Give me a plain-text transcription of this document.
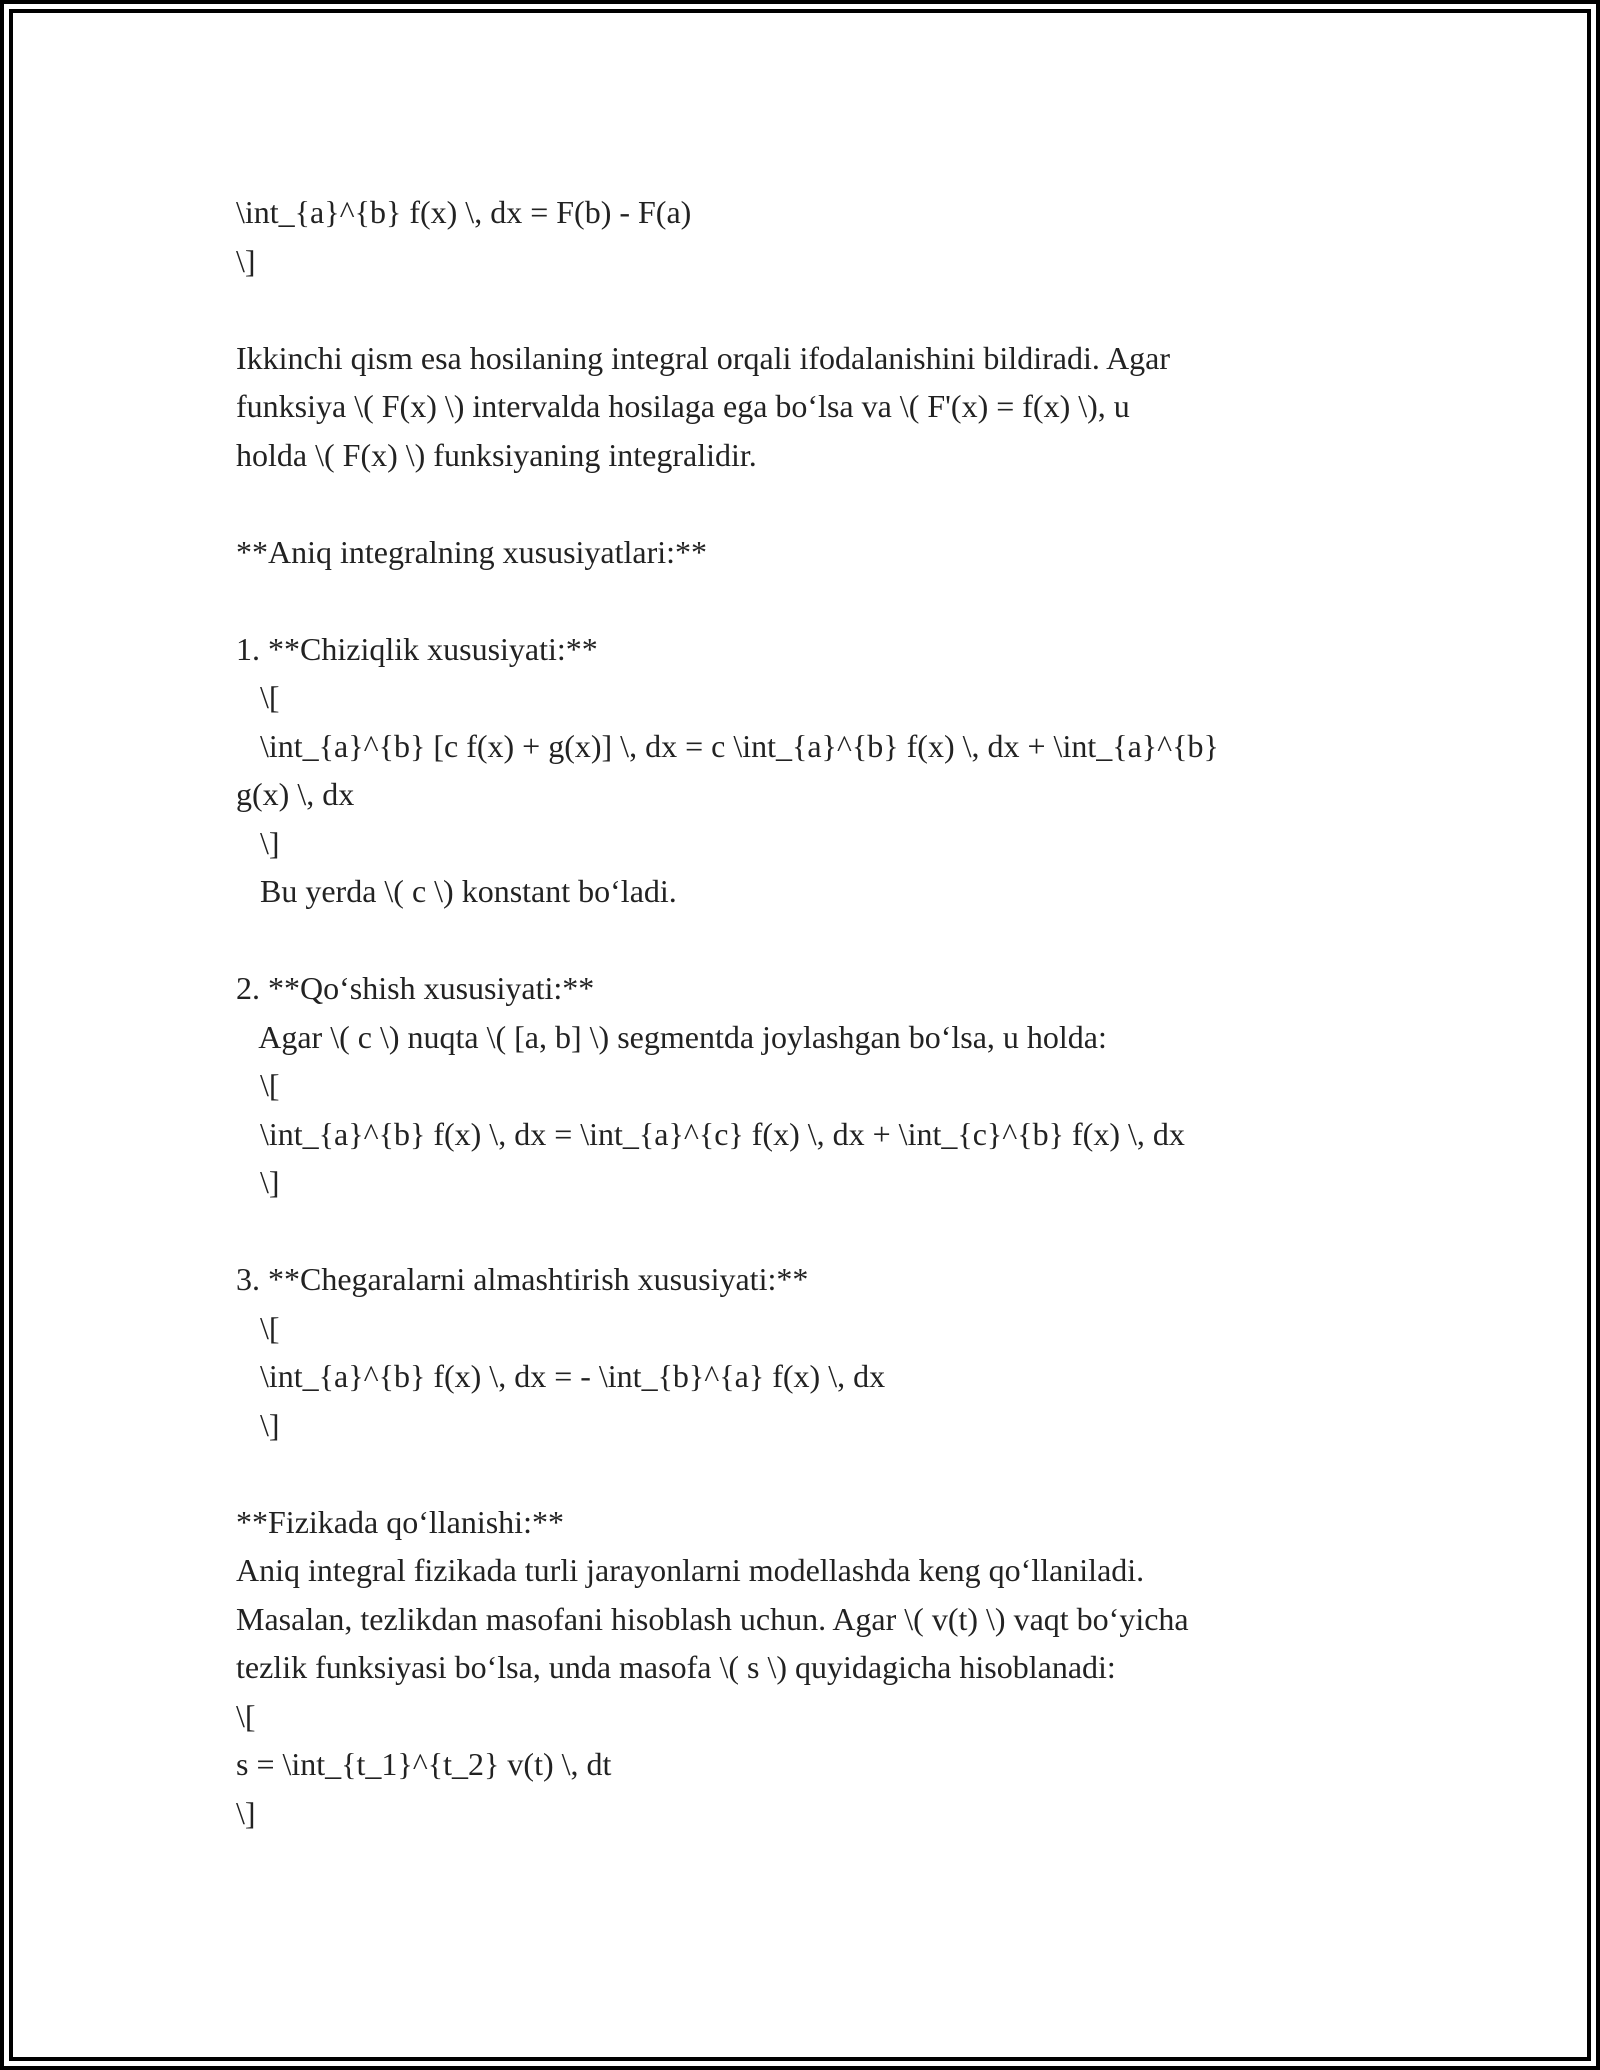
\int_{a}^{b} f(x) \, dx = F(b) - F(a)
\]
Ikkinchi qism esa hosilaning integral orqali ifodalanishini bildiradi. Agar
funksiya \( F(x) \) intervalda hosilaga ega bo‘lsa va \( F'(x) = f(x) \), u
holda \( F(x) \) funksiyaning integralidir.
**Aniq integralning xususiyatlari:**
1. **Chiziqlik xususiyati:**
\[
\int_{a}^{b} [c f(x) + g(x)] \, dx = c \int_{a}^{b} f(x) \, dx + \int_{a}^{b}
g(x) \, dx
\]
Bu yerda \( c \) konstant bo‘ladi.
2. **Qo‘shish xususiyati:**
Agar \( c \) nuqta \( [a, b] \) segmentda joylashgan bo‘lsa, u holda:
\[
\int_{a}^{b} f(x) \, dx = \int_{a}^{c} f(x) \, dx + \int_{c}^{b} f(x) \, dx
\]
3. **Chegaralarni almashtirish xususiyati:**
\[
\int_{a}^{b} f(x) \, dx = - \int_{b}^{a} f(x) \, dx
\]
**Fizikada qo‘llanishi:**
Aniq integral fizikada turli jarayonlarni modellashda keng qo‘llaniladi.
Masalan, tezlikdan masofani hisoblash uchun. Agar \( v(t) \) vaqt bo‘yicha
tezlik funksiyasi bo‘lsa, unda masofa \( s \) quyidagicha hisoblanadi:
\[
s = \int_{t_1}^{t_2} v(t) \, dt
\]
